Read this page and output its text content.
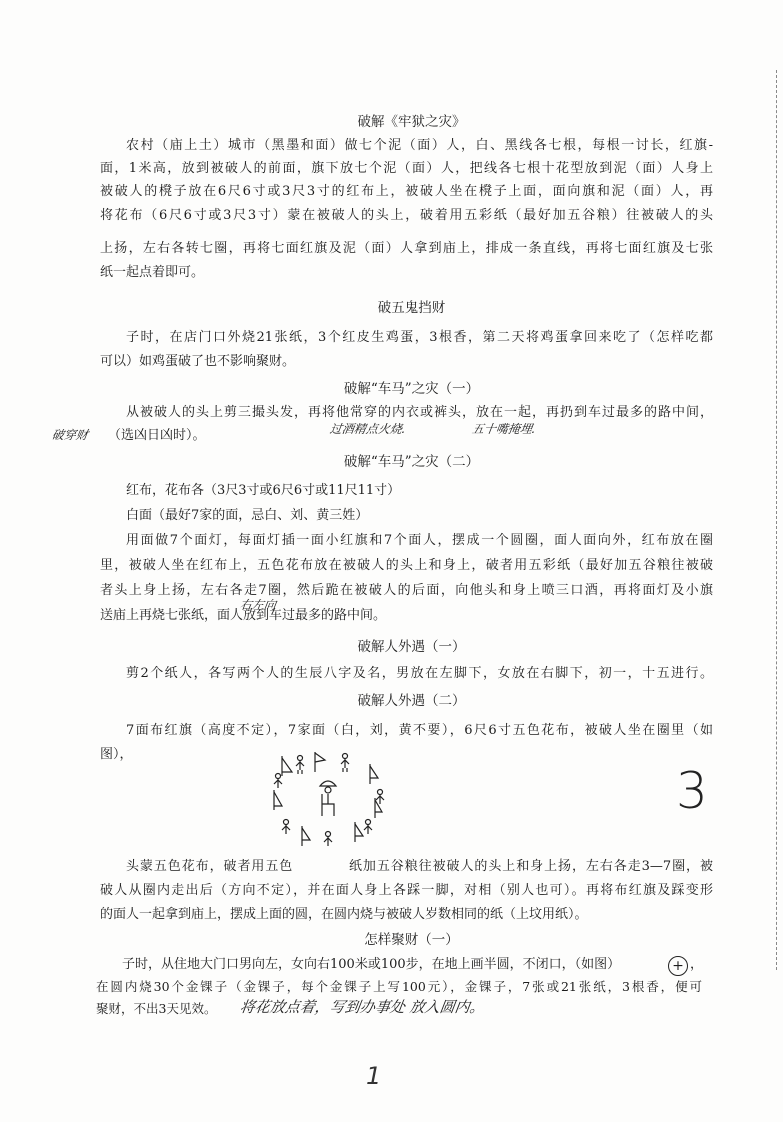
破解《牢狱之灾》
农村（庙上土）城市（黑墨和面）做七个泥（面）人，白、黑线各七根，每根一讨长，红旗-
面，1米高，放到被破人的前面，旗下放七个泥（面）人，把线各七根十花型放到泥（面）人身上
被破人的櫈子放在6尺6寸或3尺3寸的红布上，被破人坐在櫈子上面，面向旗和泥（面）人，再
将花布（6尺6寸或3尺3寸）蒙在被破人的头上，破着用五彩纸（最好加五谷粮）往被破人的头
上扬，左右各转七圈，再将七面红旗及泥（面）人拿到庙上，排成一条直线，再将七面红旗及七张
纸一起点着即可。
破五鬼挡财
子时，在店门口外烧21张纸，3个红皮生鸡蛋，3根香，第二天将鸡蛋拿回来吃了（怎样吃都
可以）如鸡蛋破了也不影响聚财。
破解“车马”之灾（一）
从被破人的头上剪三撮头发，再将他常穿的内衣或裤头，放在一起，再扔到车过最多的路中间，
（选凶日凶时）。
破穿财	过酒精点火烧.	五十嘴掩埋.
破解“车马”之灾（二）
红布，花布各（3尺3寸或6尺6寸或11尺11寸）
白面（最好7家的面，忌白、刘、黄三姓）
用面做7个面灯，每面灯插一面小红旗和7个面人，摆成一个圆圈，面人面向外，红布放在圈
里，被破人坐在红布上，五色花布放在被破人的头上和身上，破者用五彩纸（最好加五谷粮往被破
者头上身上扬，左右各走7圈，然后跪在被破人的后面，向他头和身上喷三口酒，再将面灯及小旗
送庙上再烧七张纸，面人放到车过最多的路中间。
右左向
破解人外遇（一）
剪2个纸人，各写两个人的生辰八字及名，男放在左脚下，女放在右脚下，初一，十五进行。
破解人外遇（二）
7面布红旗（高度不定），7家面（白，刘，黄不要），6尺6寸五色花布，被破人坐在圈里（如
图），
3
头蒙五色花布，破者用五色　　　　纸加五谷粮往被破人的头上和身上扬，左右各走3—7圈，被
破人从圈内走出后（方向不定），并在面人身上各踩一脚，对相（别人也可）。再将布红旗及踩变形
的面人一起拿到庙上，摆成上面的圆，在圆内烧与被破人岁数相同的纸（上坟用纸）。
怎样聚财（一）
子时，从住地大门口男向左，女向右100米或100步，在地上画半圆，不闭口，（如图）	+ ，
在圆内烧30个金锞子（金锞子，每个金锞子上写100元），金锞子，7张或21张纸，3根香，便可
聚财，不出3天见效。	将花放点着，写到办事处 放入圆内。
1
